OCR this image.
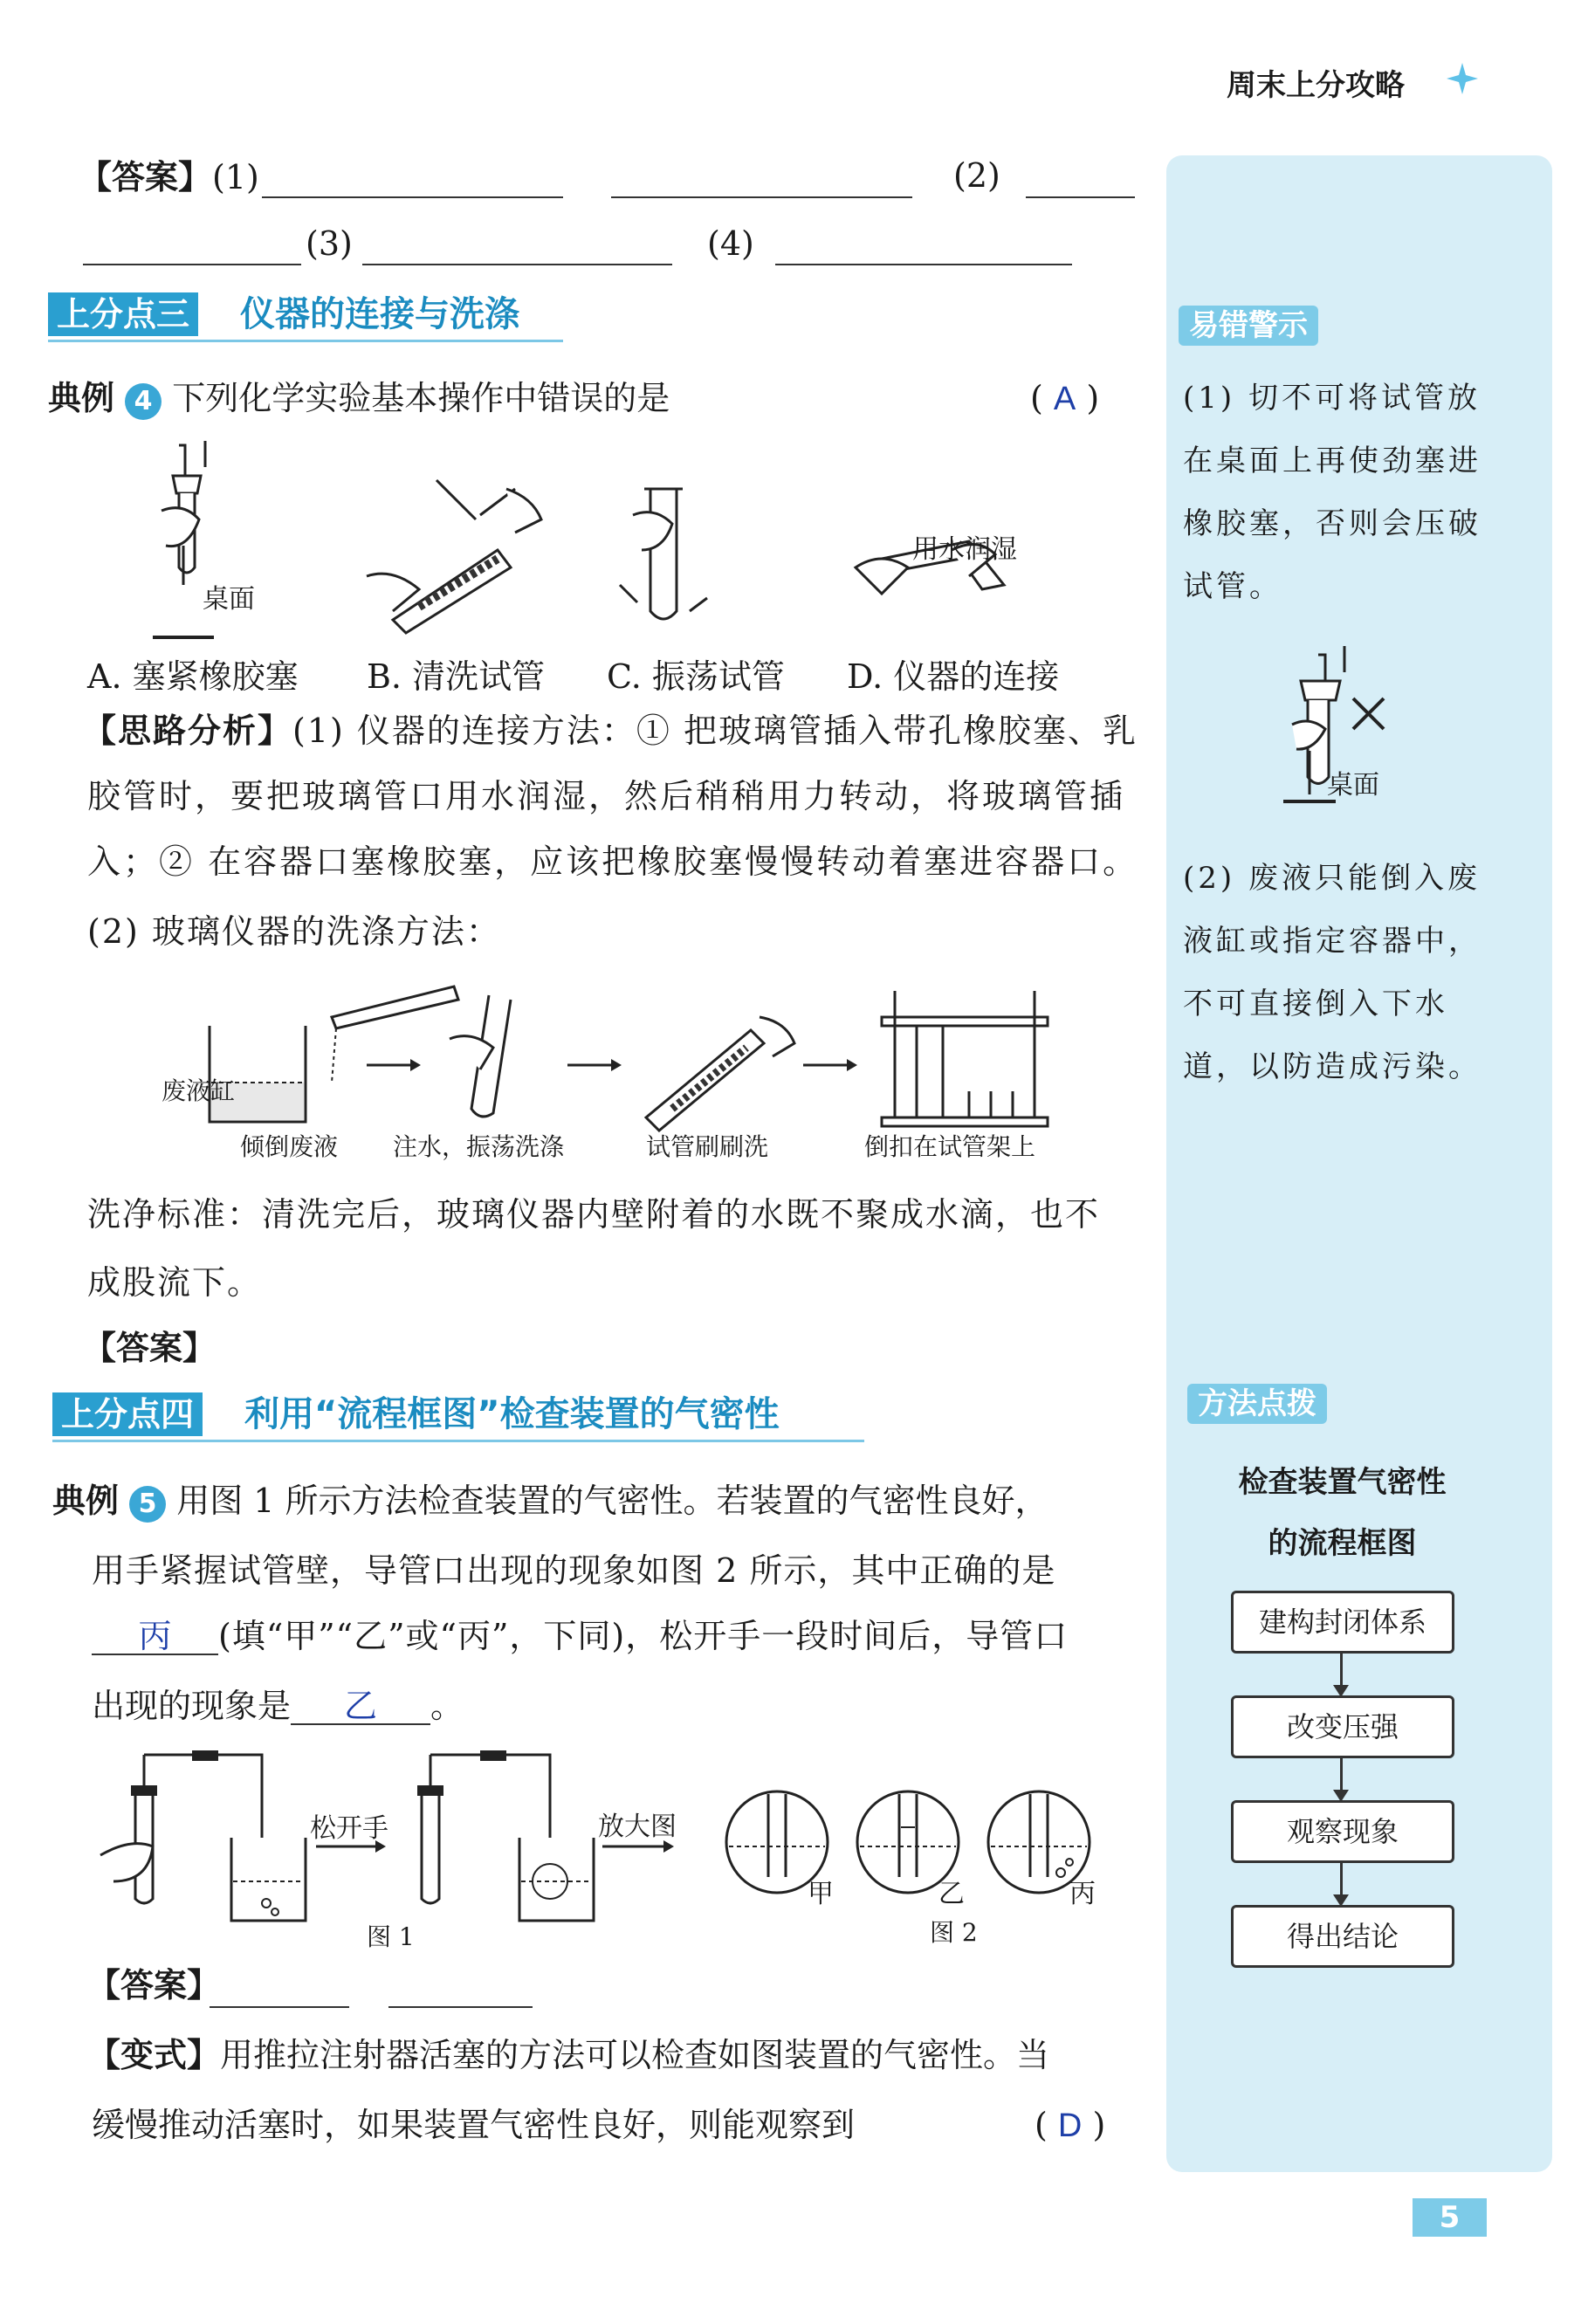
周末上分攻略
易错警示
(1) 切不可将试管放
在桌面上再使劲塞进
橡胶塞，否则会压破
试管。
桌面
(2) 废液只能倒入废
液缸或指定容器中，
不可直接倒入下水
道，以防造成污染。
方法点拨
检查装置气密性
的流程框图
建构封闭体系
改变压强
观察现象
得出结论
【答案】 (1)	(2)
(3)	(4)
上分点三 仪器的连接与洗涤
典例 4 下列化学实验基本操作中错误的是	( A )
桌面
用水润湿
A. 塞紧橡胶塞 B. 清洗试管 C. 振荡试管 D. 仪器的连接
【思路分析】(1) 仪器的连接方法：① 把玻璃管插入带孔橡胶塞、乳
胶管时，要把玻璃管口用水润湿，然后稍稍用力转动，将玻璃管插
入；② 在容器口塞橡胶塞，应该把橡胶塞慢慢转动着塞进容器口。
(2) 玻璃仪器的洗涤方法：
废液缸
倾倒废液 注水，振荡洗涤	试管刷刷洗	倒扣在试管架上
洗净标准：清洗完后，玻璃仪器内壁附着的水既不聚成水滴，也不
成股流下。
【答案】
上分点四 利用“流程框图”检查装置的气密性
典例 5 用图 1 所示方法检查装置的气密性。若装置的气密性良好，
用手紧握试管壁，导管口出现的现象如图 2 所示，其中正确的是
丙 (填“甲”“乙”或“丙”，下同)，松开手一段时间后，导管口
出现的现象是 乙 。
松开手	放大图
甲	乙	丙
图 1	图 2
【答案】
【变式】用推拉注射器活塞的方法可以检查如图装置的气密性。当
缓慢推动活塞时，如果装置气密性良好，则能观察到	( D )
5
